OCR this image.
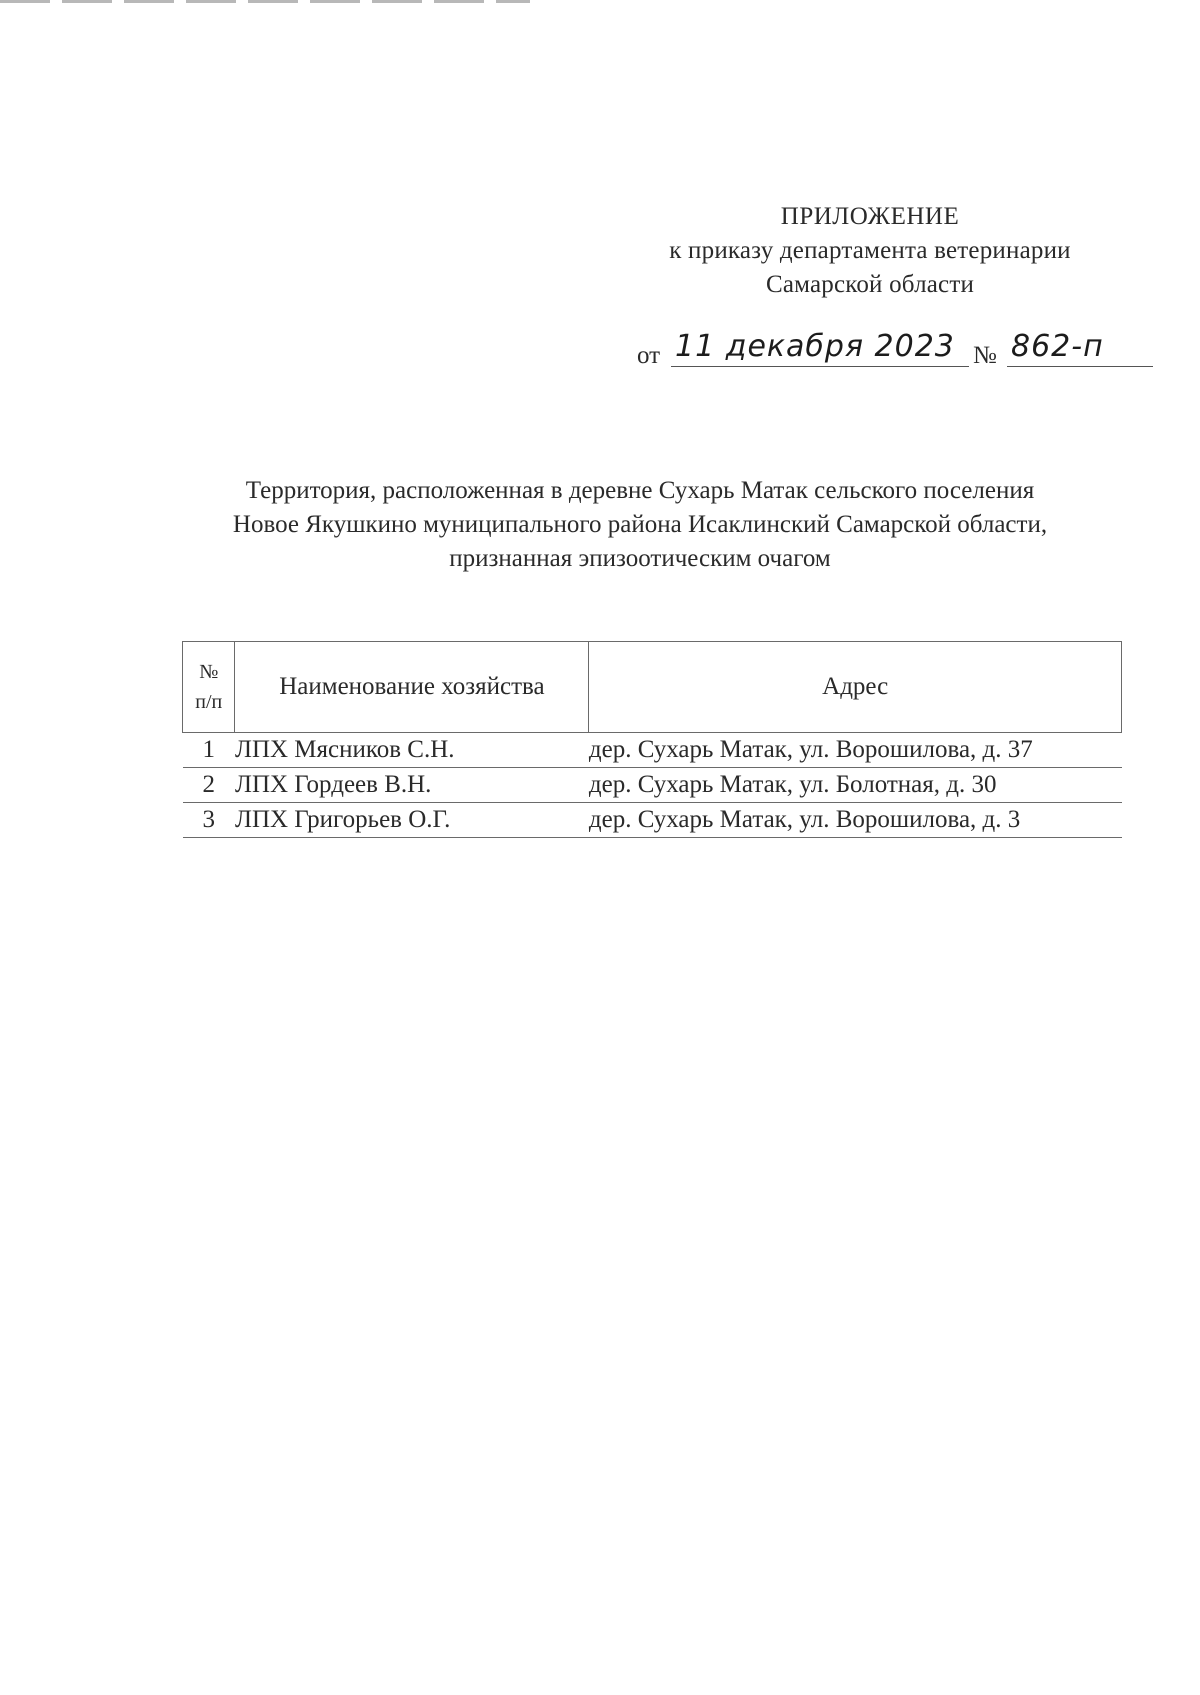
ПРИЛОЖЕНИЕ
к приказу департамента ветеринарии
Самарской области
от 11 декабря 2023 № 862-п
Территория, расположенная в деревне Сухарь Матак сельского поселения
Новое Якушкино муниципального района Исаклинский Самарской области,
признанная эпизоотическим очагом
№
п/п	Наименование хозяйства	Адрес
1	ЛПХ Мясников С.Н.	дер. Сухарь Матак, ул. Ворошилова, д. 37
2	ЛПХ Гордеев В.Н.	дер. Сухарь Матак, ул. Болотная, д. 30
3	ЛПХ Григорьев О.Г.	дер. Сухарь Матак, ул. Ворошилова, д. 3
